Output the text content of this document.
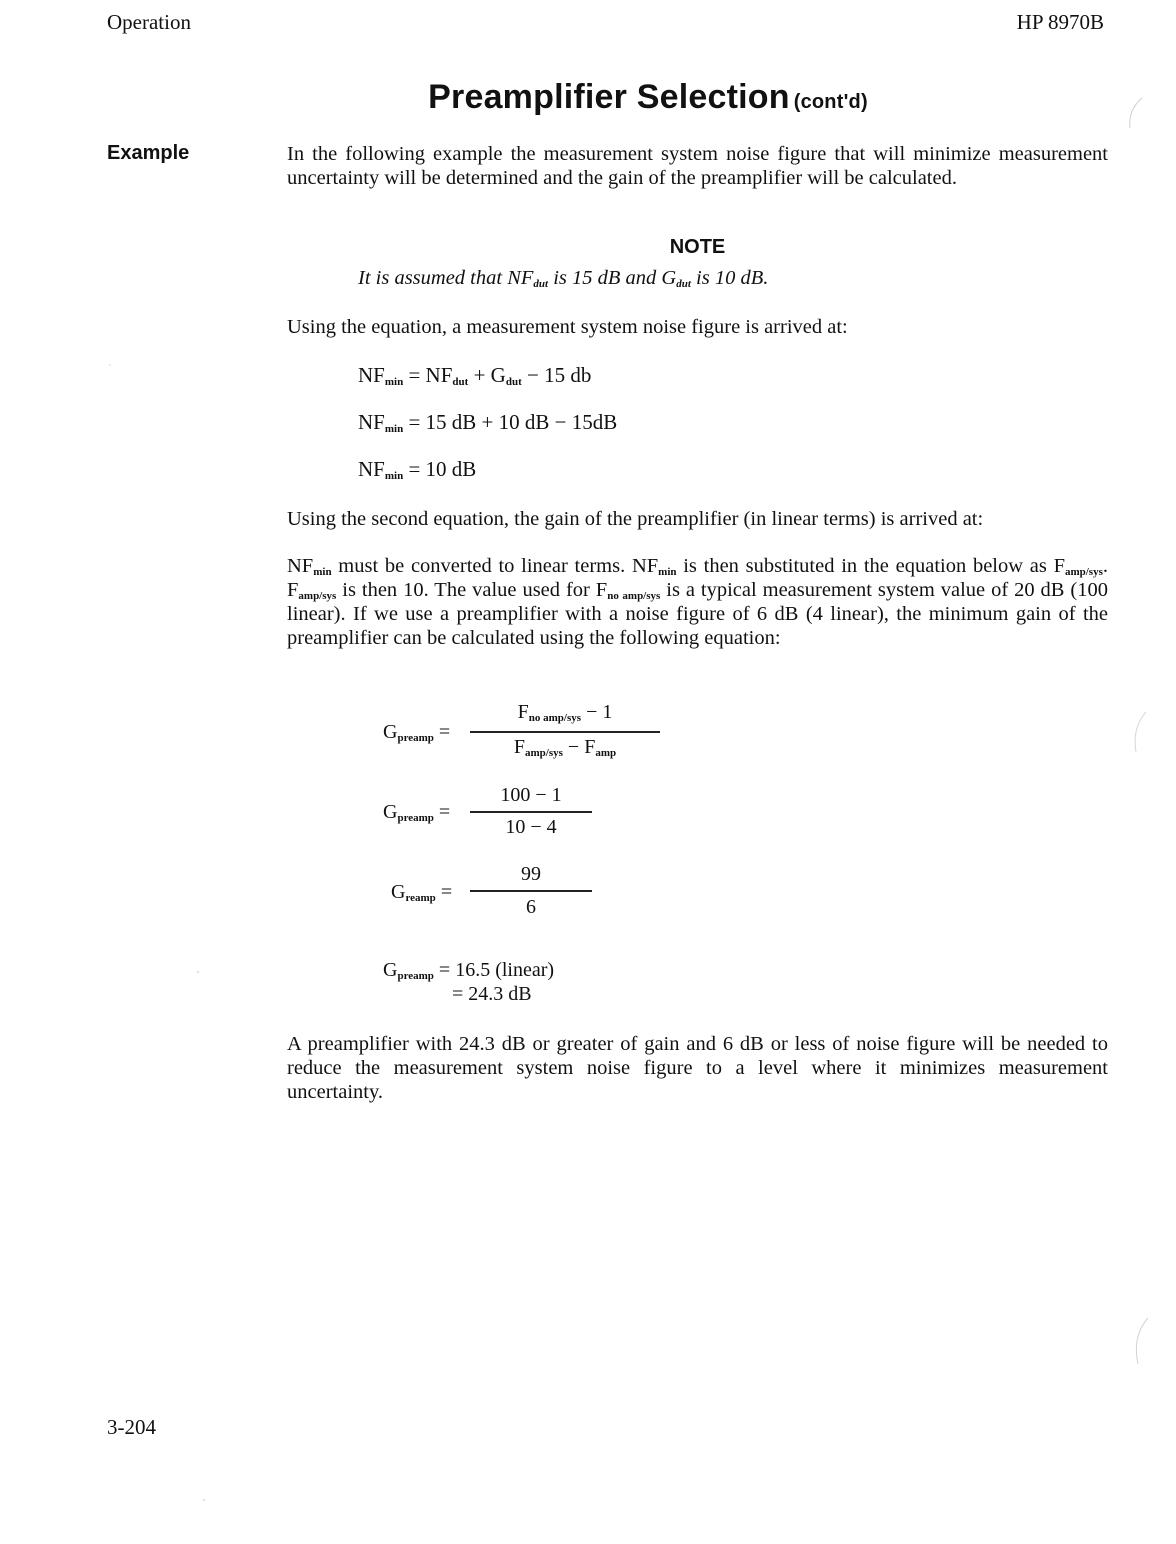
Operation	HP 8970B
Preamplifier Selection (cont'd)
Example	In the following example the measurement system noise figure that will minimize measurement uncertainty will be determined and the gain of the preamplifier will be calculated.
NOTE
It is assumed that $NF_{dut}$ is 15 dB and $G_{dut}$ is 10 dB.
Using the equation, a measurement system noise figure is arrived at:
$NF_{min} = NF_{dut} + G_{dut} - 15$ db
$NF_{min} = 15$ dB + 10 dB − 15dB
$NF_{min} = 10$ dB
Using the second equation, the gain of the preamplifier (in linear terms) is arrived at:
$NF_{min}$ must be converted to linear terms. $NF_{min}$ is then substituted in the equation below as $F_{amp/sys}$. $F_{amp/sys}$ is then 10. The value used for $F_{no amp/sys}$ is a typical measurement system value of 20 dB (100 linear). If we use a preamplifier with a noise figure of 6 dB (4 linear), the minimum gain of the preamplifier can be calculated using the following equation:
$G_{preamp}$ =
$F_{no amp/sys} - 1$
$F_{amp/sys} - F_{amp}$
$G_{preamp}$ =
100 − 1
10 − 4
$G_{reamp}$ =
99
6
$G_{preamp} = 16.5$ (linear)
= 24.3 dB
A preamplifier with 24.3 dB or greater of gain and 6 dB or less of noise figure will be needed to reduce the measurement system noise figure to a level where it minimizes measurement uncertainty.
3-204
